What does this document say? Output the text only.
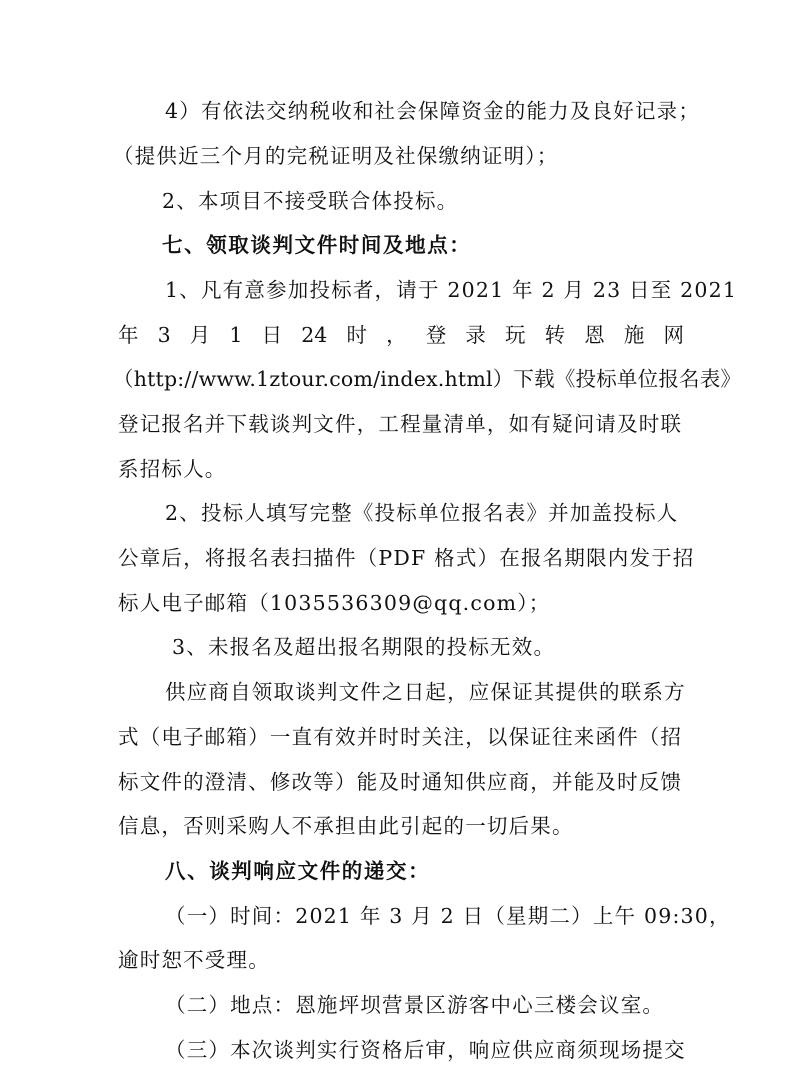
4）有依法交纳税收和社会保障资金的能力及良好记录；
（提供近三个月的完税证明及社保缴纳证明）；
2、本项目不接受联合体投标。
七、领取谈判文件时间及地点：
1、凡有意参加投标者，请于 2021 年 2 月 23 日至 2021
年 3 月 1 日 24 时 ， 登 录 玩 转 恩 施 网
（http://www.1ztour.com/index.html）下载《投标单位报名表》
登记报名并下载谈判文件，工程量清单，如有疑问请及时联
系招标人。
2、投标人填写完整《投标单位报名表》并加盖投标人
公章后，将报名表扫描件（PDF 格式）在报名期限内发于招
标人电子邮箱（1035536309@qq.com）；
3、未报名及超出报名期限的投标无效。
供应商自领取谈判文件之日起，应保证其提供的联系方
式（电子邮箱）一直有效并时时关注，以保证往来函件（招
标文件的澄清、修改等）能及时通知供应商，并能及时反馈
信息，否则采购人不承担由此引起的一切后果。
八、谈判响应文件的递交：
（一）时间：2021 年 3 月 2 日（星期二）上午 09:30，
逾时恕不受理。
（二）地点：恩施坪坝营景区游客中心三楼会议室。
（三）本次谈判实行资格后审，响应供应商须现场提交
